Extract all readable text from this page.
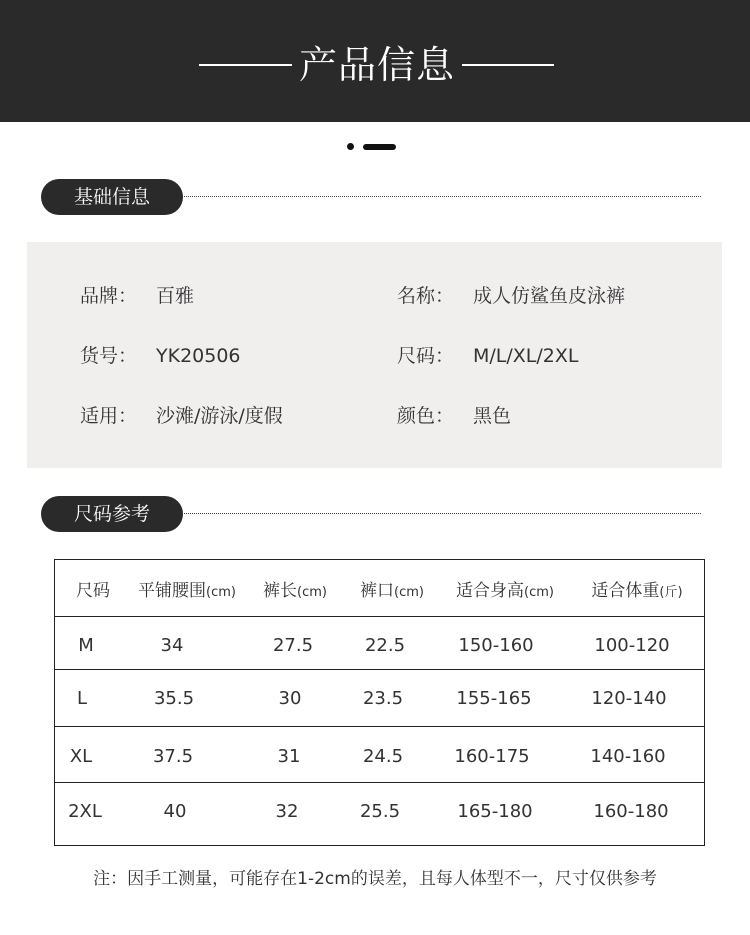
产品信息
基础信息
品牌： 百雅	名称： 成人仿鲨鱼皮泳裤
货号： YK20506	尺码： M/L/XL/2XL
适用： 沙滩/游泳/度假	颜色： 黑色
尺码参考
尺码 平铺腰围(cm) 裤长(cm) 裤口(cm) 适合身高(cm) 适合体重(斤)
M	34	27.5	22.5	150-160	100-120
L	35.5	30	23.5	155-165	120-140
XL	37.5	31	24.5	160-175	140-160
2XL	40	32	25.5	165-180	160-180
注：因手工测量，可能存在1-2cm的误差，且每人体型不一，尺寸仅供参考
